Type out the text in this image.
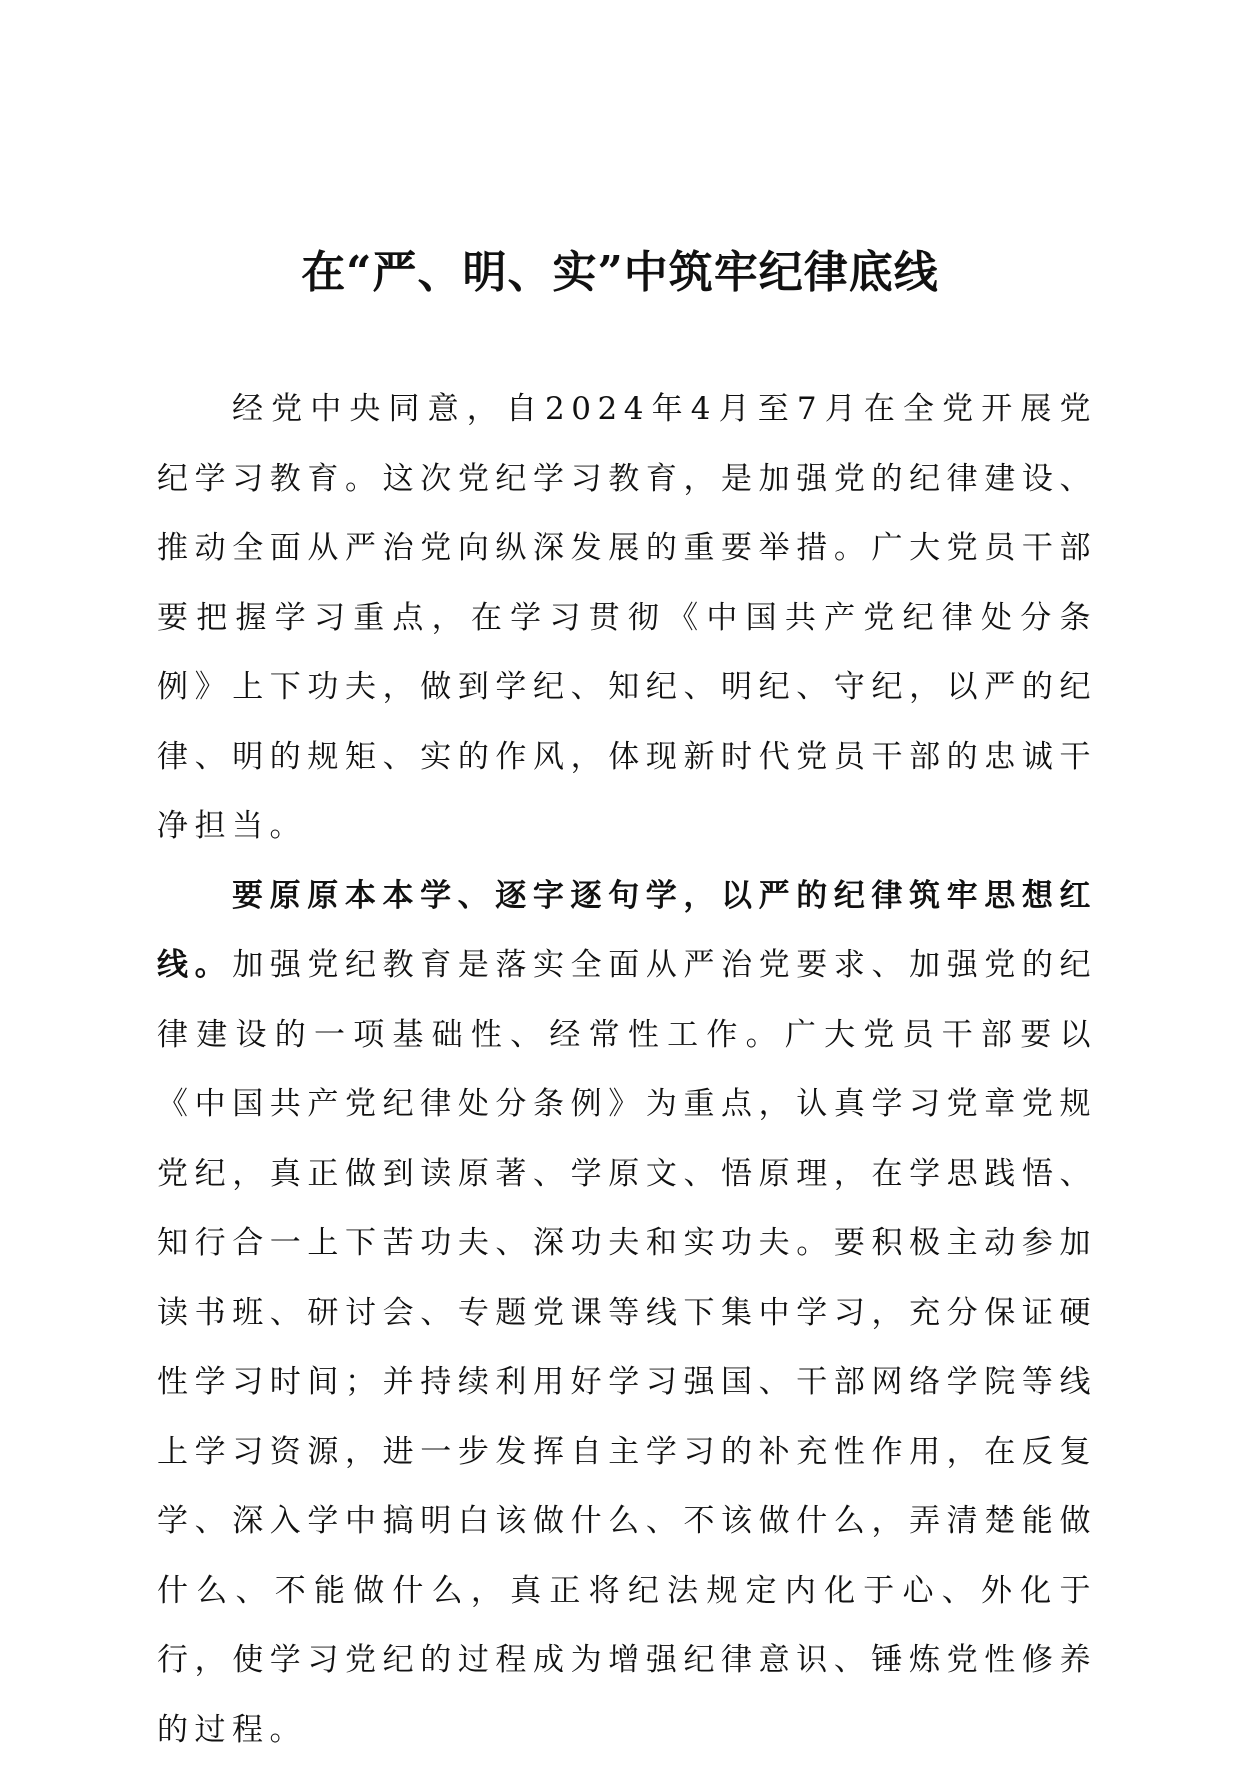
在“严、明、实”中筑牢纪律底线

经党中央同意，自2024年4月至7月在全党开展党纪学习教育。这次党纪学习教育，是加强党的纪律建设、推动全面从严治党向纵深发展的重要举措。广大党员干部要把握学习重点，在学习贯彻《中国共产党纪律处分条例》上下功夫，做到学纪、知纪、明纪、守纪，以严的纪律、明的规矩、实的作风，体现新时代党员干部的忠诚干净担当。

要原原本本学、逐字逐句学，以严的纪律筑牢思想红线。加强党纪教育是落实全面从严治党要求、加强党的纪律建设的一项基础性、经常性工作。广大党员干部要以《中国共产党纪律处分条例》为重点，认真学习党章党规党纪，真正做到读原著、学原文、悟原理，在学思践悟、知行合一上下苦功夫、深功夫和实功夫。要积极主动参加读书班、研讨会、专题党课等线下集中学习，充分保证硬性学习时间；并持续利用好学习强国、干部网络学院等线上学习资源，进一步发挥自主学习的补充性作用，在反复学、深入学中搞明白该做什么、不该做什么，弄清楚能做什么、不能做什么，真正将纪法规定内化于心、外化于行，使学习党纪的过程成为增强纪律意识、锤炼党性修养的过程。
